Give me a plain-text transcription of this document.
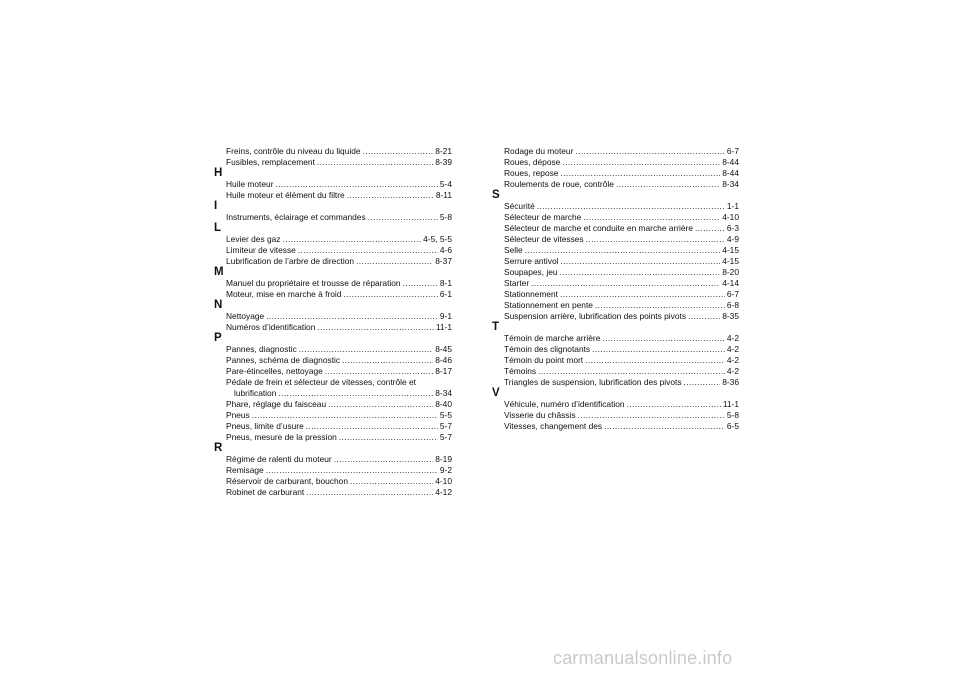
Freins, contrôle du niveau du liquide .....	8-21
Fusibles, remplacement .....	8-39
H
Huile moteur .....	5-4
Huile moteur et élément du filtre .....	8-11
I
Instruments, éclairage et commandes .....	5-8
L
Levier des gaz .....	4-5, 5-5
Limiteur de vitesse .....	4-6
Lubrification de l’arbre de direction .....	8-37
M
Manuel du propriétaire et trousse de réparation .....	8-1
Moteur, mise en marche à froid .....	6-1
N
Nettoyage .....	9-1
Numéros d’identification .....	11-1
P
Pannes, diagnostic .....	8-45
Pannes, schéma de diagnostic .....	8-46
Pare-étincelles, nettoyage .....	8-17
Pédale de frein et sélecteur de vitesses, contrôle et
lubrification .....	8-34
Phare, réglage du faisceau .....	8-40
Pneus .....	5-5
Pneus, limite d’usure .....	5-7
Pneus, mesure de la pression .....	5-7
R
Régime de ralenti du moteur .....	8-19
Remisage .....	9-2
Réservoir de carburant, bouchon .....	4-10
Robinet de carburant .....	4-12
Rodage du moteur .....	6-7
Roues, dépose .....	8-44
Roues, repose .....	8-44
Roulements de roue, contrôle .....	8-34
S
Sécurité .....	1-1
Sélecteur de marche .....	4-10
Sélecteur de marche et conduite en marche arrière .....	6-3
Sélecteur de vitesses .....	4-9
Selle .....	4-15
Serrure antivol .....	4-15
Soupapes, jeu .....	8-20
Starter .....	4-14
Stationnement .....	6-7
Stationnement en pente .....	6-8
Suspension arrière, lubrification des points pivots .....	8-35
T
Témoin de marche arrière .....	4-2
Témoin des clignotants .....	4-2
Témoin du point mort .....	4-2
Témoins .....	4-2
Triangles de suspension, lubrification des pivots .....	8-36
V
Véhicule, numéro d’identification .....	11-1
Visserie du châssis .....	5-8
Vitesses, changement des .....	6-5
carmanualsonline.info
